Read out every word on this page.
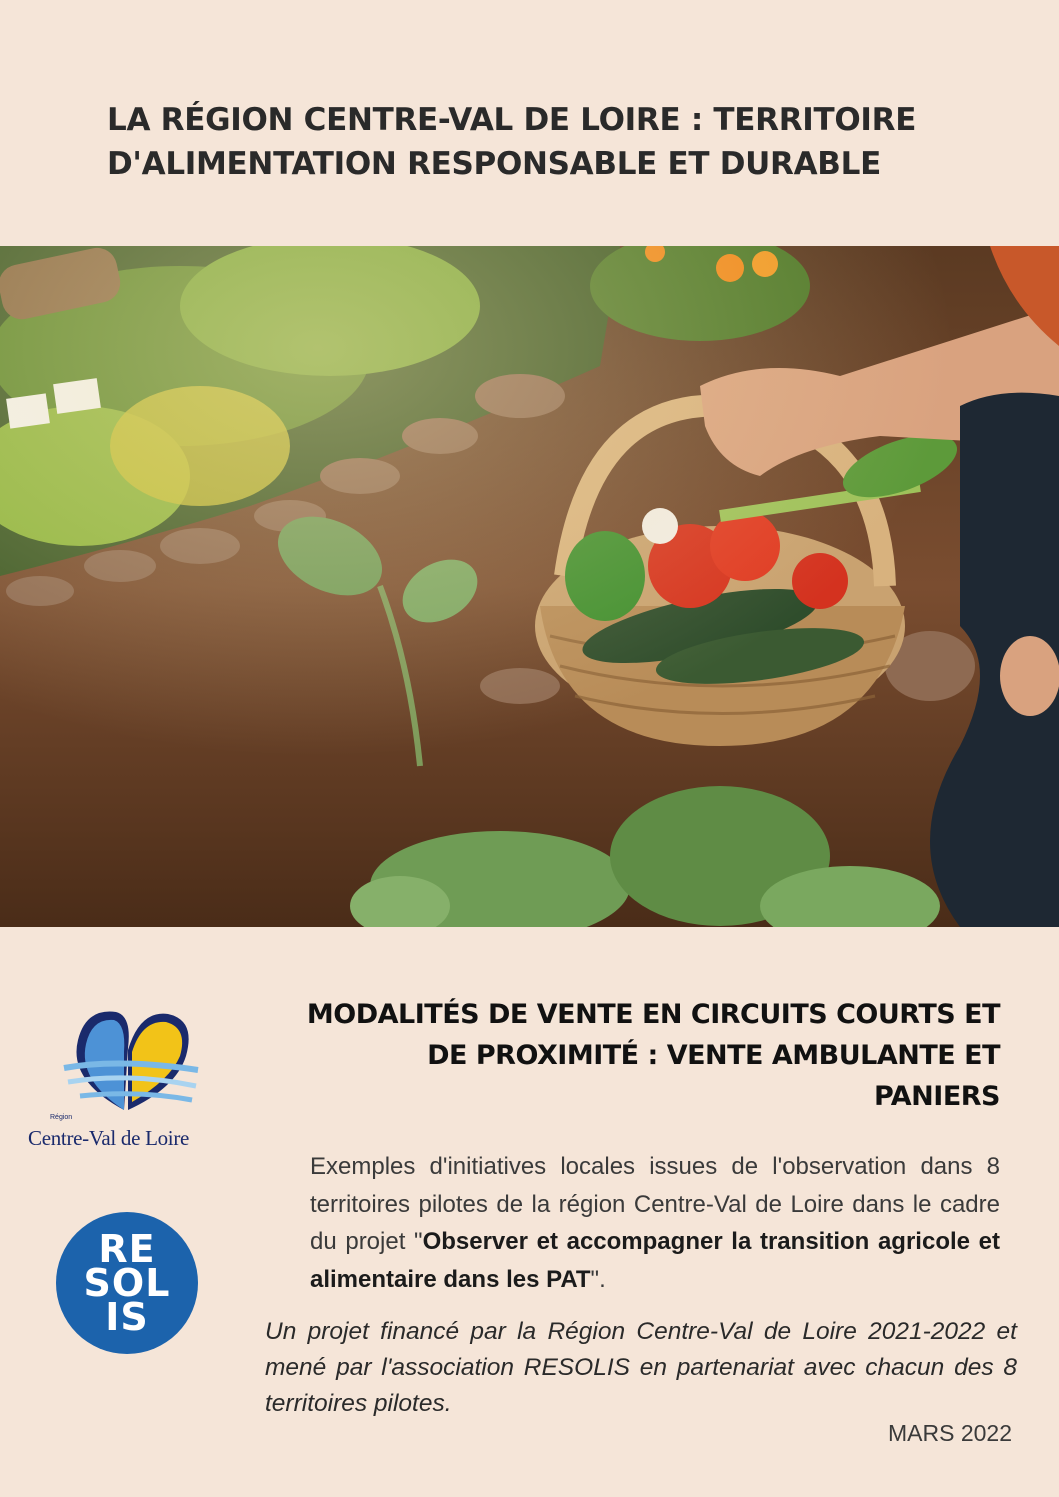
LA RÉGION CENTRE-VAL DE LOIRE : TERRITOIRE
D'ALIMENTATION RESPONSABLE ET DURABLE
Région
Centre-Val de Loire
RE
SOL
IS
MODALITÉS DE VENTE EN CIRCUITS COURTS ET
DE PROXIMITÉ : VENTE AMBULANTE ET
PANIERS

Exemples d'initiatives locales issues de l'observation dans 8 territoires pilotes de la région Centre-Val de Loire dans le cadre du projet "Observer et accompagner la transition agricole et alimentaire dans les PAT".

Un projet financé par la Région Centre-Val de Loire 2021-2022 et mené par l'association RESOLIS en partenariat avec chacun des 8 territoires pilotes.

MARS 2022
